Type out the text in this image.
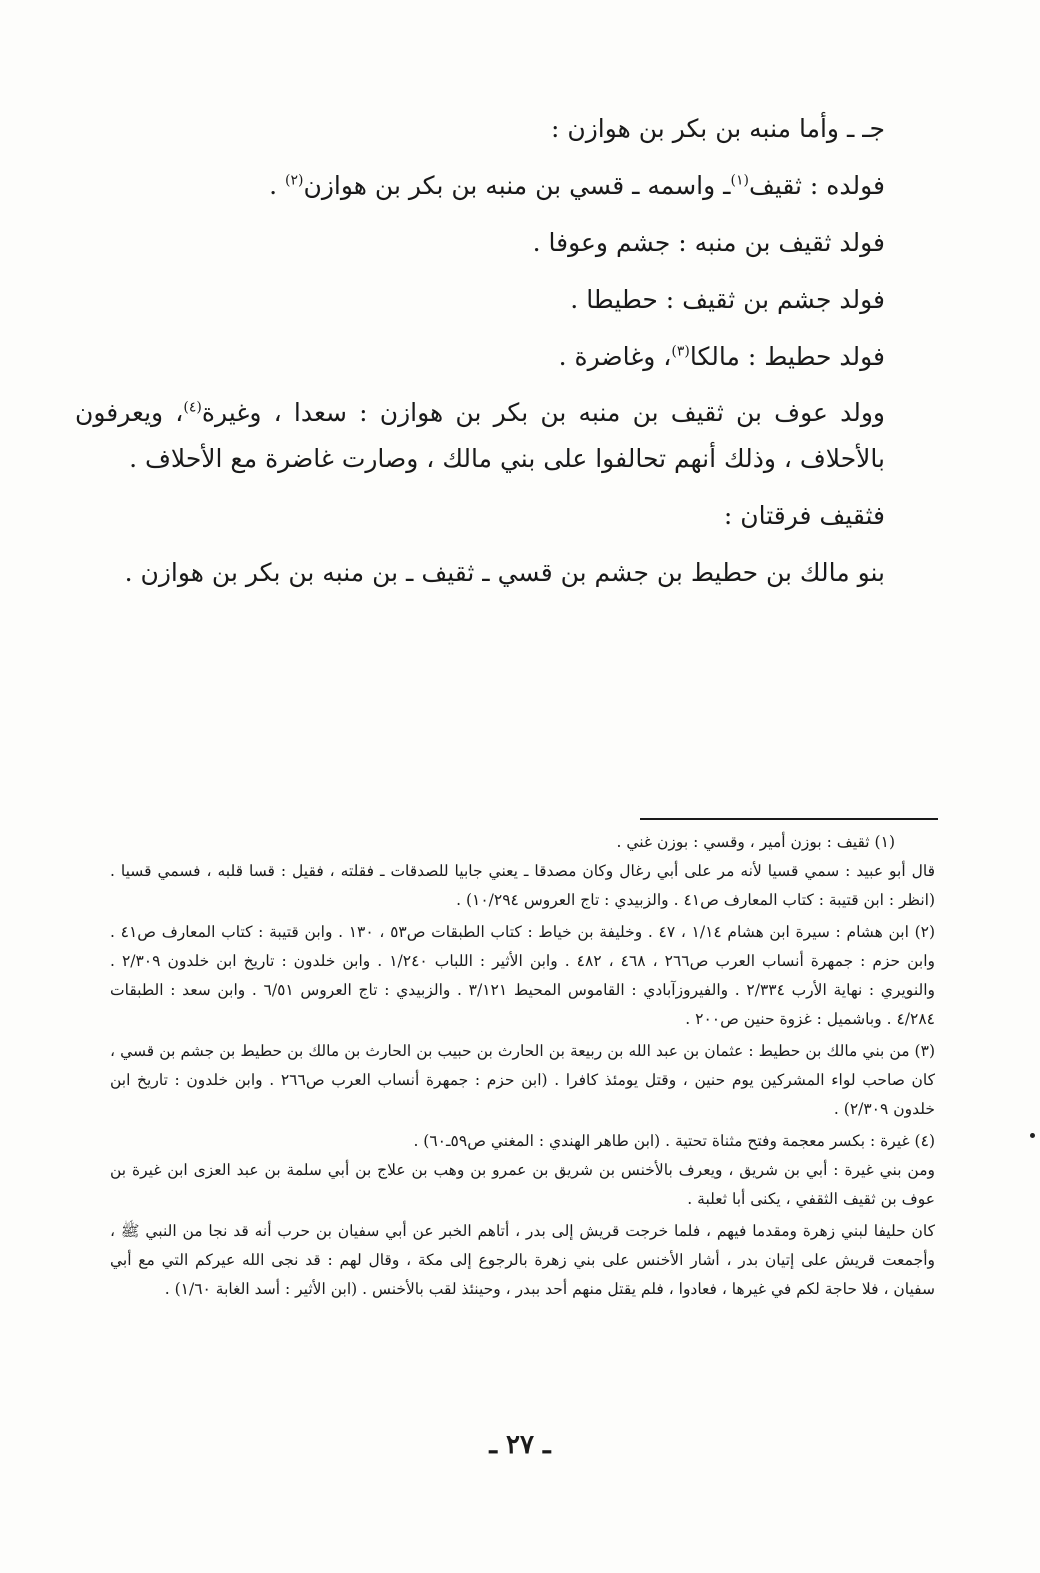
جـ ـ وأما منبه بن بكر بن هوازن :

فولده : ثقيف$^{(١)}$ـ واسمه ـ قسي بن منبه بن بكر بن هوازن$^{(٢)}$ .

فولد ثقيف بن منبه : جشم وعوفا .

فولد جشم بن ثقيف : حطيطا .

فولد حطيط : مالكا$^{(٣)}$، وغاضرة .

وولد عوف بن ثقيف بن منبه بن بكر بن هوازن : سعدا ، وغيرة$^{(٤)}$، ويعرفون بالأحلاف ، وذلك أنهم تحالفوا على بني مالك ، وصارت غاضرة مع الأحلاف .

فثقيف فرقتان :

بنو مالك بن حطيط بن جشم بن قسي ـ ثقيف ـ بن منبه بن بكر بن هوازن .

(١) ثقيف : بوزن أمير ، وقسي : بوزن غني .

قال أبو عبيد : سمي قسيا لأنه مر على أبي رغال وكان مصدقا ـ يعني جابيا للصدقات ـ فقلته ، فقيل : قسا قلبه ، فسمي قسيا . (انظر : ابن قتيبة : كتاب المعارف ص٤١ . والزبيدي : تاج العروس ١٠/٢٩٤) .

(٢) ابن هشام : سيرة ابن هشام ١/١٤ ، ٤٧ . وخليفة بن خياط : كتاب الطبقات ص٥٣ ، ١٣٠ . وابن قتيبة : كتاب المعارف ص٤١ . وابن حزم : جمهرة أنساب العرب ص٢٦٦ ، ٤٦٨ ، ٤٨٢ . وابن الأثير : اللباب ١/٢٤٠ . وابن خلدون : تاريخ ابن خلدون ٢/٣٠٩ . والنويري : نهاية الأرب ٢/٣٣٤ . والفيروزآبادي : القاموس المحيط ٣/١٢١ . والزبيدي : تاج العروس ٦/٥١ . وابن سعد : الطبقات ٤/٢٨٤ . وباشميل : غزوة حنين ص٢٠٠ .

(٣) من بني مالك بن حطيط : عثمان بن عبد الله بن ربيعة بن الحارث بن حبيب بن الحارث بن مالك بن حطيط بن جشم بن قسي ، كان صاحب لواء المشركين يوم حنين ، وقتل يومئذ كافرا . (ابن حزم : جمهرة أنساب العرب ص٢٦٦ . وابن خلدون : تاريخ ابن خلدون ٢/٣٠٩) .

(٤) غيرة : بكسر معجمة وفتح مثناة تحتية . (ابن طاهر الهندي : المغني ص٥٩ـ٦٠) .

ومن بني غيرة : أبي بن شريق ، ويعرف بالأخنس بن شريق بن عمرو بن وهب بن علاج بن أبي سلمة بن عبد العزى ابن غيرة بن عوف بن ثقيف الثقفي ، يكنى أبا ثعلبة .

كان حليفا لبني زهرة ومقدما فيهم ، فلما خرجت قريش إلى بدر ، أتاهم الخبر عن أبي سفيان بن حرب أنه قد نجا من النبي ﷺ ، وأجمعت قريش على إتيان بدر ، أشار الأخنس على بني زهرة بالرجوع إلى مكة ، وقال لهم : قد نجى الله عيركم التي مع أبي سفيان ، فلا حاجة لكم في غيرها ، فعادوا ، فلم يقتل منهم أحد ببدر ، وحينئذ لقب بالأخنس . (ابن الأثير : أسد الغابة ١/٦٠) .

ـ ٢٧ ـ
